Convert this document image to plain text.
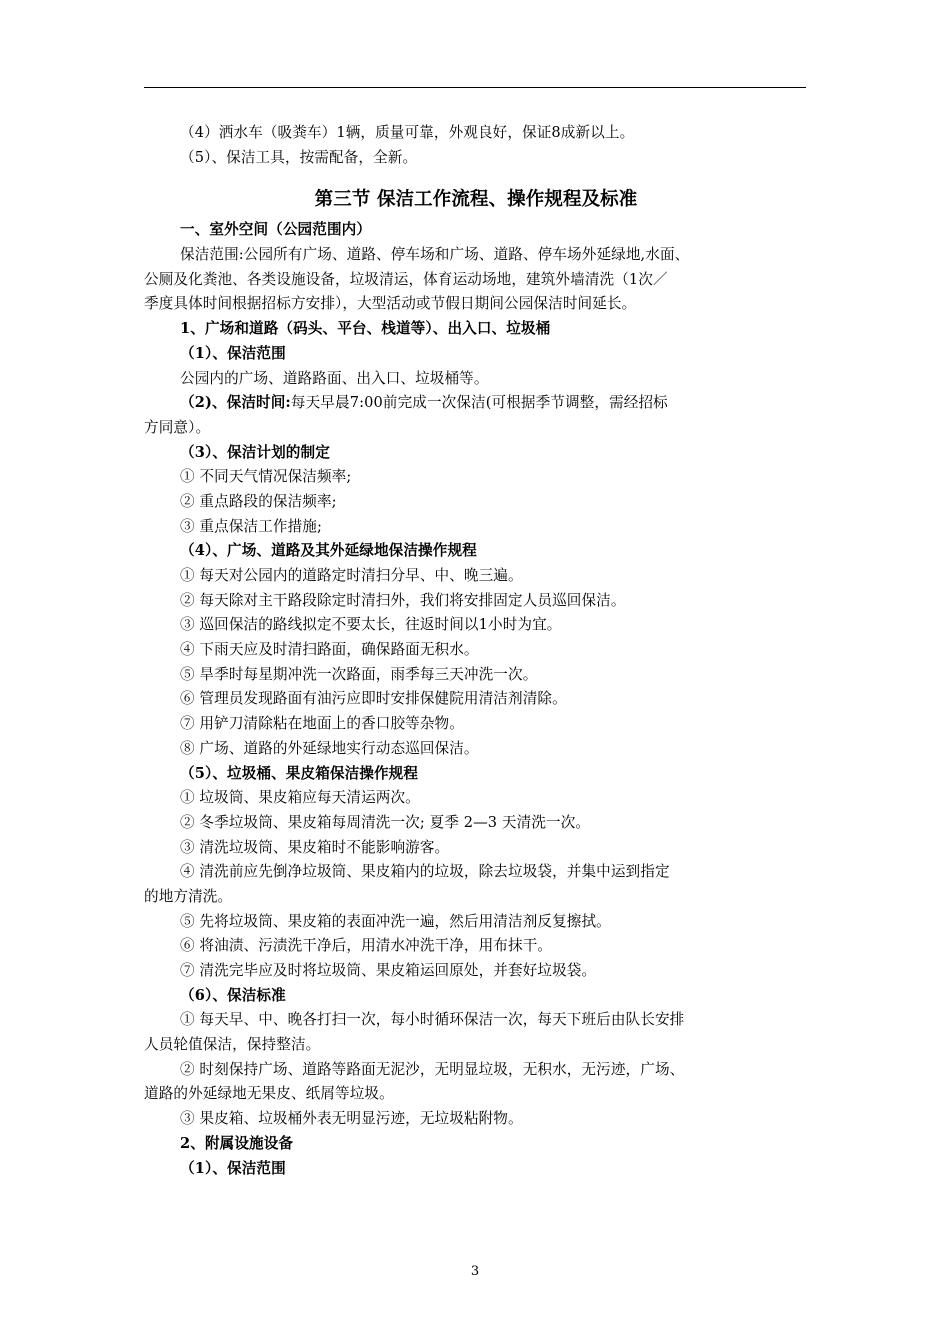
（4）洒水车（吸粪车）1辆，质量可靠，外观良好，保证8成新以上。
（5）、保洁工具，按需配备，全新。
第三节 保洁工作流程、操作规程及标准
一、室外空间（公园范围内）
保洁范围:公园所有广场、道路、停车场和广场、道路、停车场外延绿地,水面、
公厕及化粪池、各类设施设备，垃圾清运，体育运动场地，建筑外墙清洗（1次／
季度具体时间根据招标方安排），大型活动或节假日期间公园保洁时间延长。
1、广场和道路（码头、平台、栈道等）、出入口、垃圾桶
（1）、保洁范围
公园内的广场、道路路面、出入口、垃圾桶等。
（2)、保洁时间:每天早晨7:00前完成一次保洁(可根据季节调整，需经招标
方同意）。
（3）、保洁计划的制定
① 不同天气情况保洁频率;
② 重点路段的保洁频率;
③ 重点保洁工作措施;
（4）、广场、道路及其外延绿地保洁操作规程
① 每天对公园内的道路定时清扫分早、中、晚三遍。
② 每天除对主干路段除定时清扫外，我们将安排固定人员巡回保洁。
③ 巡回保洁的路线拟定不要太长，往返时间以1小时为宜。
④ 下雨天应及时清扫路面，确保路面无积水。
⑤ 旱季时每星期冲洗一次路面，雨季每三天冲洗一次。
⑥ 管理员发现路面有油污应即时安排保健院用清洁剂清除。
⑦ 用铲刀清除粘在地面上的香口胶等杂物。
⑧ 广场、道路的外延绿地实行动态巡回保洁。
（5）、垃圾桶、果皮箱保洁操作规程
① 垃圾筒、果皮箱应每天清运两次。
② 冬季垃圾筒、果皮箱每周清洗一次; 夏季 2—3 天清洗一次。
③ 清洗垃圾筒、果皮箱时不能影响游客。
④ 清洗前应先倒净垃圾筒、果皮箱内的垃圾，除去垃圾袋，并集中运到指定
的地方清洗。
⑤ 先将垃圾筒、果皮箱的表面冲洗一遍，然后用清洁剂反复擦拭。
⑥ 将油渍、污渍洗干净后，用清水冲洗干净，用布抹干。
⑦ 清洗完毕应及时将垃圾筒、果皮箱运回原处，并套好垃圾袋。
（6）、保洁标准
① 每天早、中、晚各打扫一次，每小时循环保洁一次，每天下班后由队长安排
人员轮值保洁，保持整洁。
② 时刻保持广场、道路等路面无泥沙，无明显垃圾，无积水，无污迹，广场、
道路的外延绿地无果皮、纸屑等垃圾。
③ 果皮箱、垃圾桶外表无明显污迹，无垃圾粘附物。
2、附属设施设备
（1）、保洁范围
3
